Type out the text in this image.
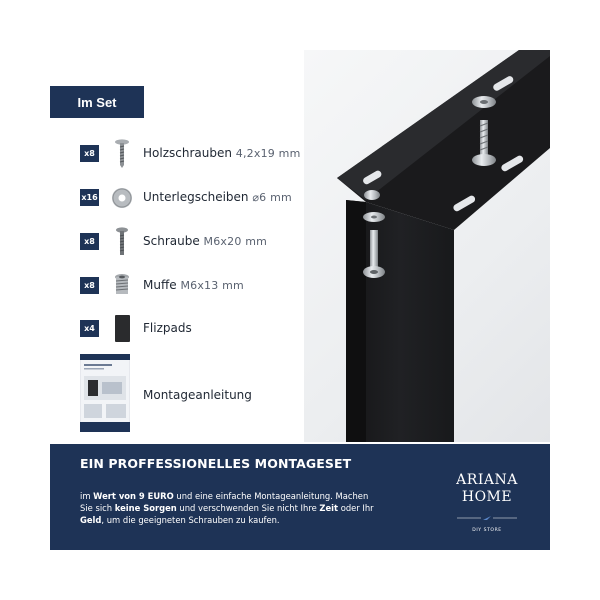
Im Set
x8	Holzschrauben 4,2x19 mm
x16	Unterlegscheiben ⌀6 mm
x8	Schraube M6x20 mm
x8	Muffe M6x13 mm
x4	Flizpads
Montageanleitung
EIN PROFFESSIONELLES MONTAGESET
im Wert von 9 EURO und eine einfache Montageanleitung. Machen Sie sich keine Sorgen und verschwenden Sie nicht Ihre Zeit oder Ihr Geld, um die geeigneten Schrauben zu kaufen.
ARIANA
HOME
DIY STORE
